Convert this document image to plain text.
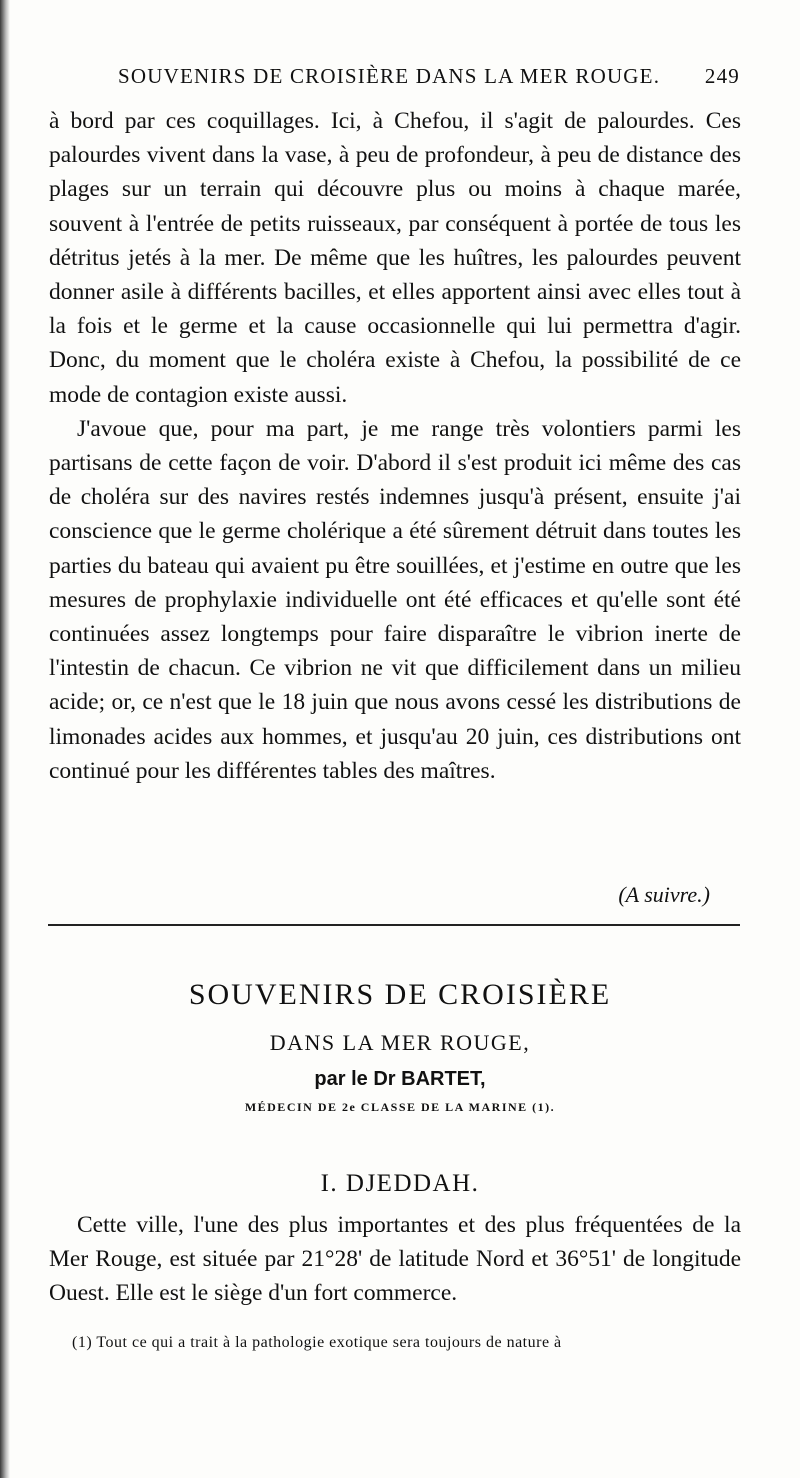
SOUVENIRS DE CROISIÈRE DANS LA MER ROUGE. 249

à bord par ces coquillages. Ici, à Chefou, il s'agit de palourdes. Ces palourdes vivent dans la vase, à peu de profondeur, à peu de distance des plages sur un terrain qui découvre plus ou moins à chaque marée, souvent à l'entrée de petits ruisseaux, par conséquent à portée de tous les détritus jetés à la mer. De même que les huîtres, les palourdes peuvent donner asile à différents bacilles, et elles apportent ainsi avec elles tout à la fois et le germe et la cause occasionnelle qui lui permettra d'agir. Donc, du moment que le choléra existe à Chefou, la possibilité de ce mode de contagion existe aussi.

J'avoue que, pour ma part, je me range très volontiers parmi les partisans de cette façon de voir. D'abord il s'est produit ici même des cas de choléra sur des navires restés indemnes jusqu'à présent, ensuite j'ai conscience que le germe cholérique a été sûrement détruit dans toutes les parties du bateau qui avaient pu être souillées, et j'estime en outre que les mesures de prophylaxie individuelle ont été efficaces et qu'elle sont été continuées assez longtemps pour faire disparaître le vibrion inerte de l'intestin de chacun. Ce vibrion ne vit que difficilement dans un milieu acide; or, ce n'est que le 18 juin que nous avons cessé les distributions de limonades acides aux hommes, et jusqu'au 20 juin, ces distributions ont continué pour les différentes tables des maîtres.

(A suivre.)
SOUVENIRS DE CROISIÈRE
DANS LA MER ROUGE,
par le Dr BARTET,
MÉDECIN DE 2e CLASSE DE LA MARINE (1).
I. DJEDDAH.

Cette ville, l'une des plus importantes et des plus fréquentées de la Mer Rouge, est située par 21°28' de latitude Nord et 36°51' de longitude Ouest. Elle est le siège d'un fort commerce.

(1) Tout ce qui a trait à la pathologie exotique sera toujours de nature à
